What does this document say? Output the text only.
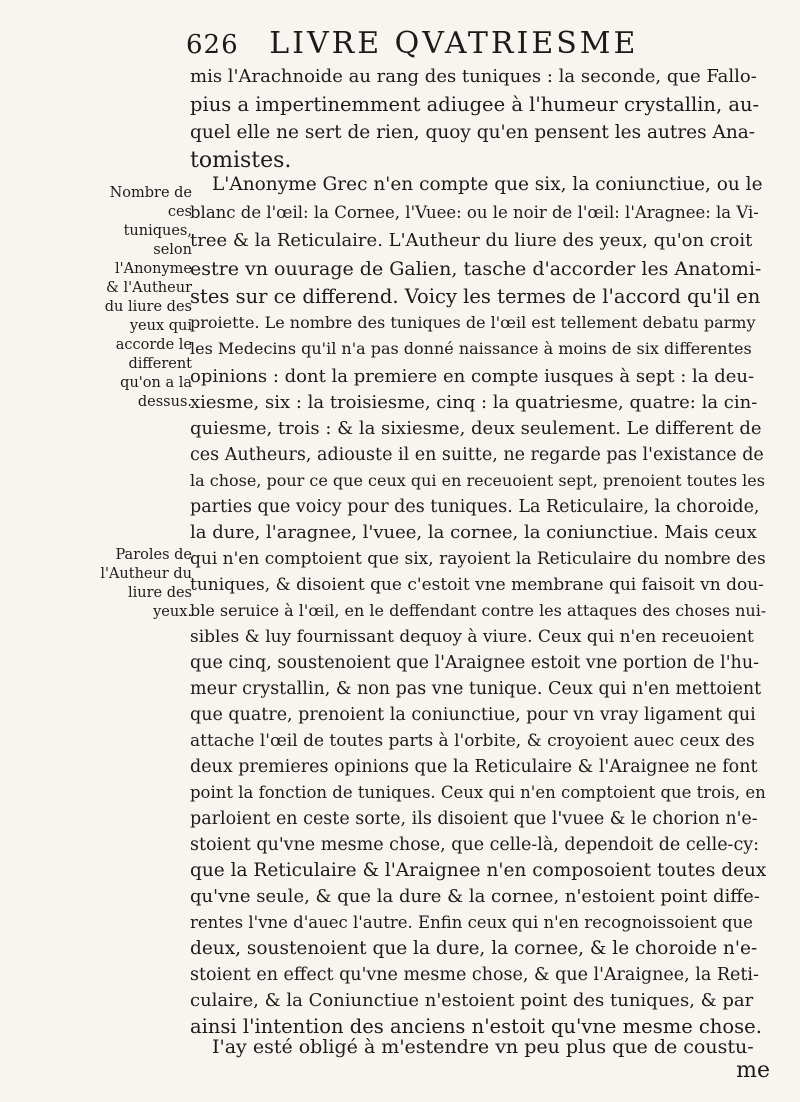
626 LIVRE QVATRIESME
Nombre de ces tuniques, selon l'Anonyme & l'Autheur du liure des yeux qui accorde le different qu'on a la dessus.
Paroles de l'Autheur du liure des yeux.
mis l'Arachnoide au rang des tuniques : la seconde, que Fallo-
pius a impertinemment adiugee à l'humeur crystallin, au-
quel elle ne sert de rien, quoy qu'en pensent les autres Ana-
tomistes.
L'Anonyme Grec n'en compte que six, la coniunctiue, ou le
blanc de l'œil: la Cornee, l'Vuee: ou le noir de l'œil: l'Aragnee: la Vi-
tree & la Reticulaire. L'Autheur du liure des yeux, qu'on croit
estre vn ouurage de Galien, tasche d'accorder les Anatomi-
stes sur ce differend. Voicy les termes de l'accord qu'il en
proiette. Le nombre des tuniques de l'œil est tellement debatu parmy
les Medecins qu'il n'a pas donné naissance à moins de six differentes
opinions : dont la premiere en compte iusques à sept : la deu-
xiesme, six : la troisiesme, cinq : la quatriesme, quatre: la cin-
quiesme, trois : & la sixiesme, deux seulement. Le different de
ces Autheurs, adiouste il en suitte, ne regarde pas l'existance de
la chose, pour ce que ceux qui en receuoient sept, prenoient toutes les
parties que voicy pour des tuniques. La Reticulaire, la choroide,
la dure, l'aragnee, l'vuee, la cornee, la coniunctiue. Mais ceux
qui n'en comptoient que six, rayoient la Reticulaire du nombre des
tuniques, & disoient que c'estoit vne membrane qui faisoit vn dou-
ble seruice à l'œil, en le deffendant contre les attaques des choses nui-
sibles & luy fournissant dequoy à viure. Ceux qui n'en receuoient
que cinq, soustenoient que l'Araignee estoit vne portion de l'hu-
meur crystallin, & non pas vne tunique. Ceux qui n'en mettoient
que quatre, prenoient la coniunctiue, pour vn vray ligament qui
attache l'œil de toutes parts à l'orbite, & croyoient auec ceux des
deux premieres opinions que la Reticulaire & l'Araignee ne font
point la fonction de tuniques. Ceux qui n'en comptoient que trois, en
parloient en ceste sorte, ils disoient que l'vuee & le chorion n'e-
stoient qu'vne mesme chose, que celle-là, dependoit de celle-cy:
que la Reticulaire & l'Araignee n'en composoient toutes deux
qu'vne seule, & que la dure & la cornee, n'estoient point diffe-
rentes l'vne d'auec l'autre. Enfin ceux qui n'en recognoissoient que
deux, soustenoient que la dure, la cornee, & le choroide n'e-
stoient en effect qu'vne mesme chose, & que l'Araignee, la Reti-
culaire, & la Coniunctiue n'estoient point des tuniques, & par
ainsi l'intention des anciens n'estoit qu'vne mesme chose.
I'ay esté obligé à m'estendre vn peu plus que de coustu-
me
